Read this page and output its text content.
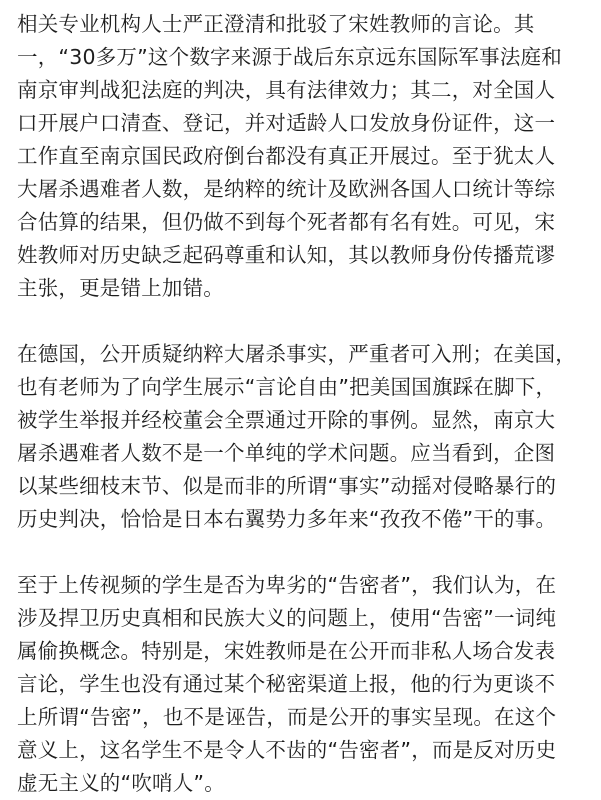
相关专业机构人士严正澄清和批驳了宋姓教师的言论。其
一，“30多万”这个数字来源于战后东京远东国际军事法庭和
南京审判战犯法庭的判决，具有法律效力；其二，对全国人
口开展户口清查、登记，并对适龄人口发放身份证件，这一
工作直至南京国民政府倒台都没有真正开展过。至于犹太人
大屠杀遇难者人数，是纳粹的统计及欧洲各国人口统计等综
合估算的结果，但仍做不到每个死者都有名有姓。可见，宋
姓教师对历史缺乏起码尊重和认知，其以教师身份传播荒谬
主张，更是错上加错。
在德国，公开质疑纳粹大屠杀事实，严重者可入刑；在美国，
也有老师为了向学生展示“言论自由”把美国国旗踩在脚下，
被学生举报并经校董会全票通过开除的事例。显然，南京大
屠杀遇难者人数不是一个单纯的学术问题。应当看到，企图
以某些细枝末节、似是而非的所谓“事实”动摇对侵略暴行的
历史判决，恰恰是日本右翼势力多年来“孜孜不倦”干的事。
至于上传视频的学生是否为卑劣的“告密者”，我们认为，在
涉及捍卫历史真相和民族大义的问题上，使用“告密”一词纯
属偷换概念。特别是，宋姓教师是在公开而非私人场合发表
言论，学生也没有通过某个秘密渠道上报，他的行为更谈不
上所谓“告密”，也不是诬告，而是公开的事实呈现。在这个
意义上，这名学生不是令人不齿的“告密者”，而是反对历史
虚无主义的“吹哨人”。
